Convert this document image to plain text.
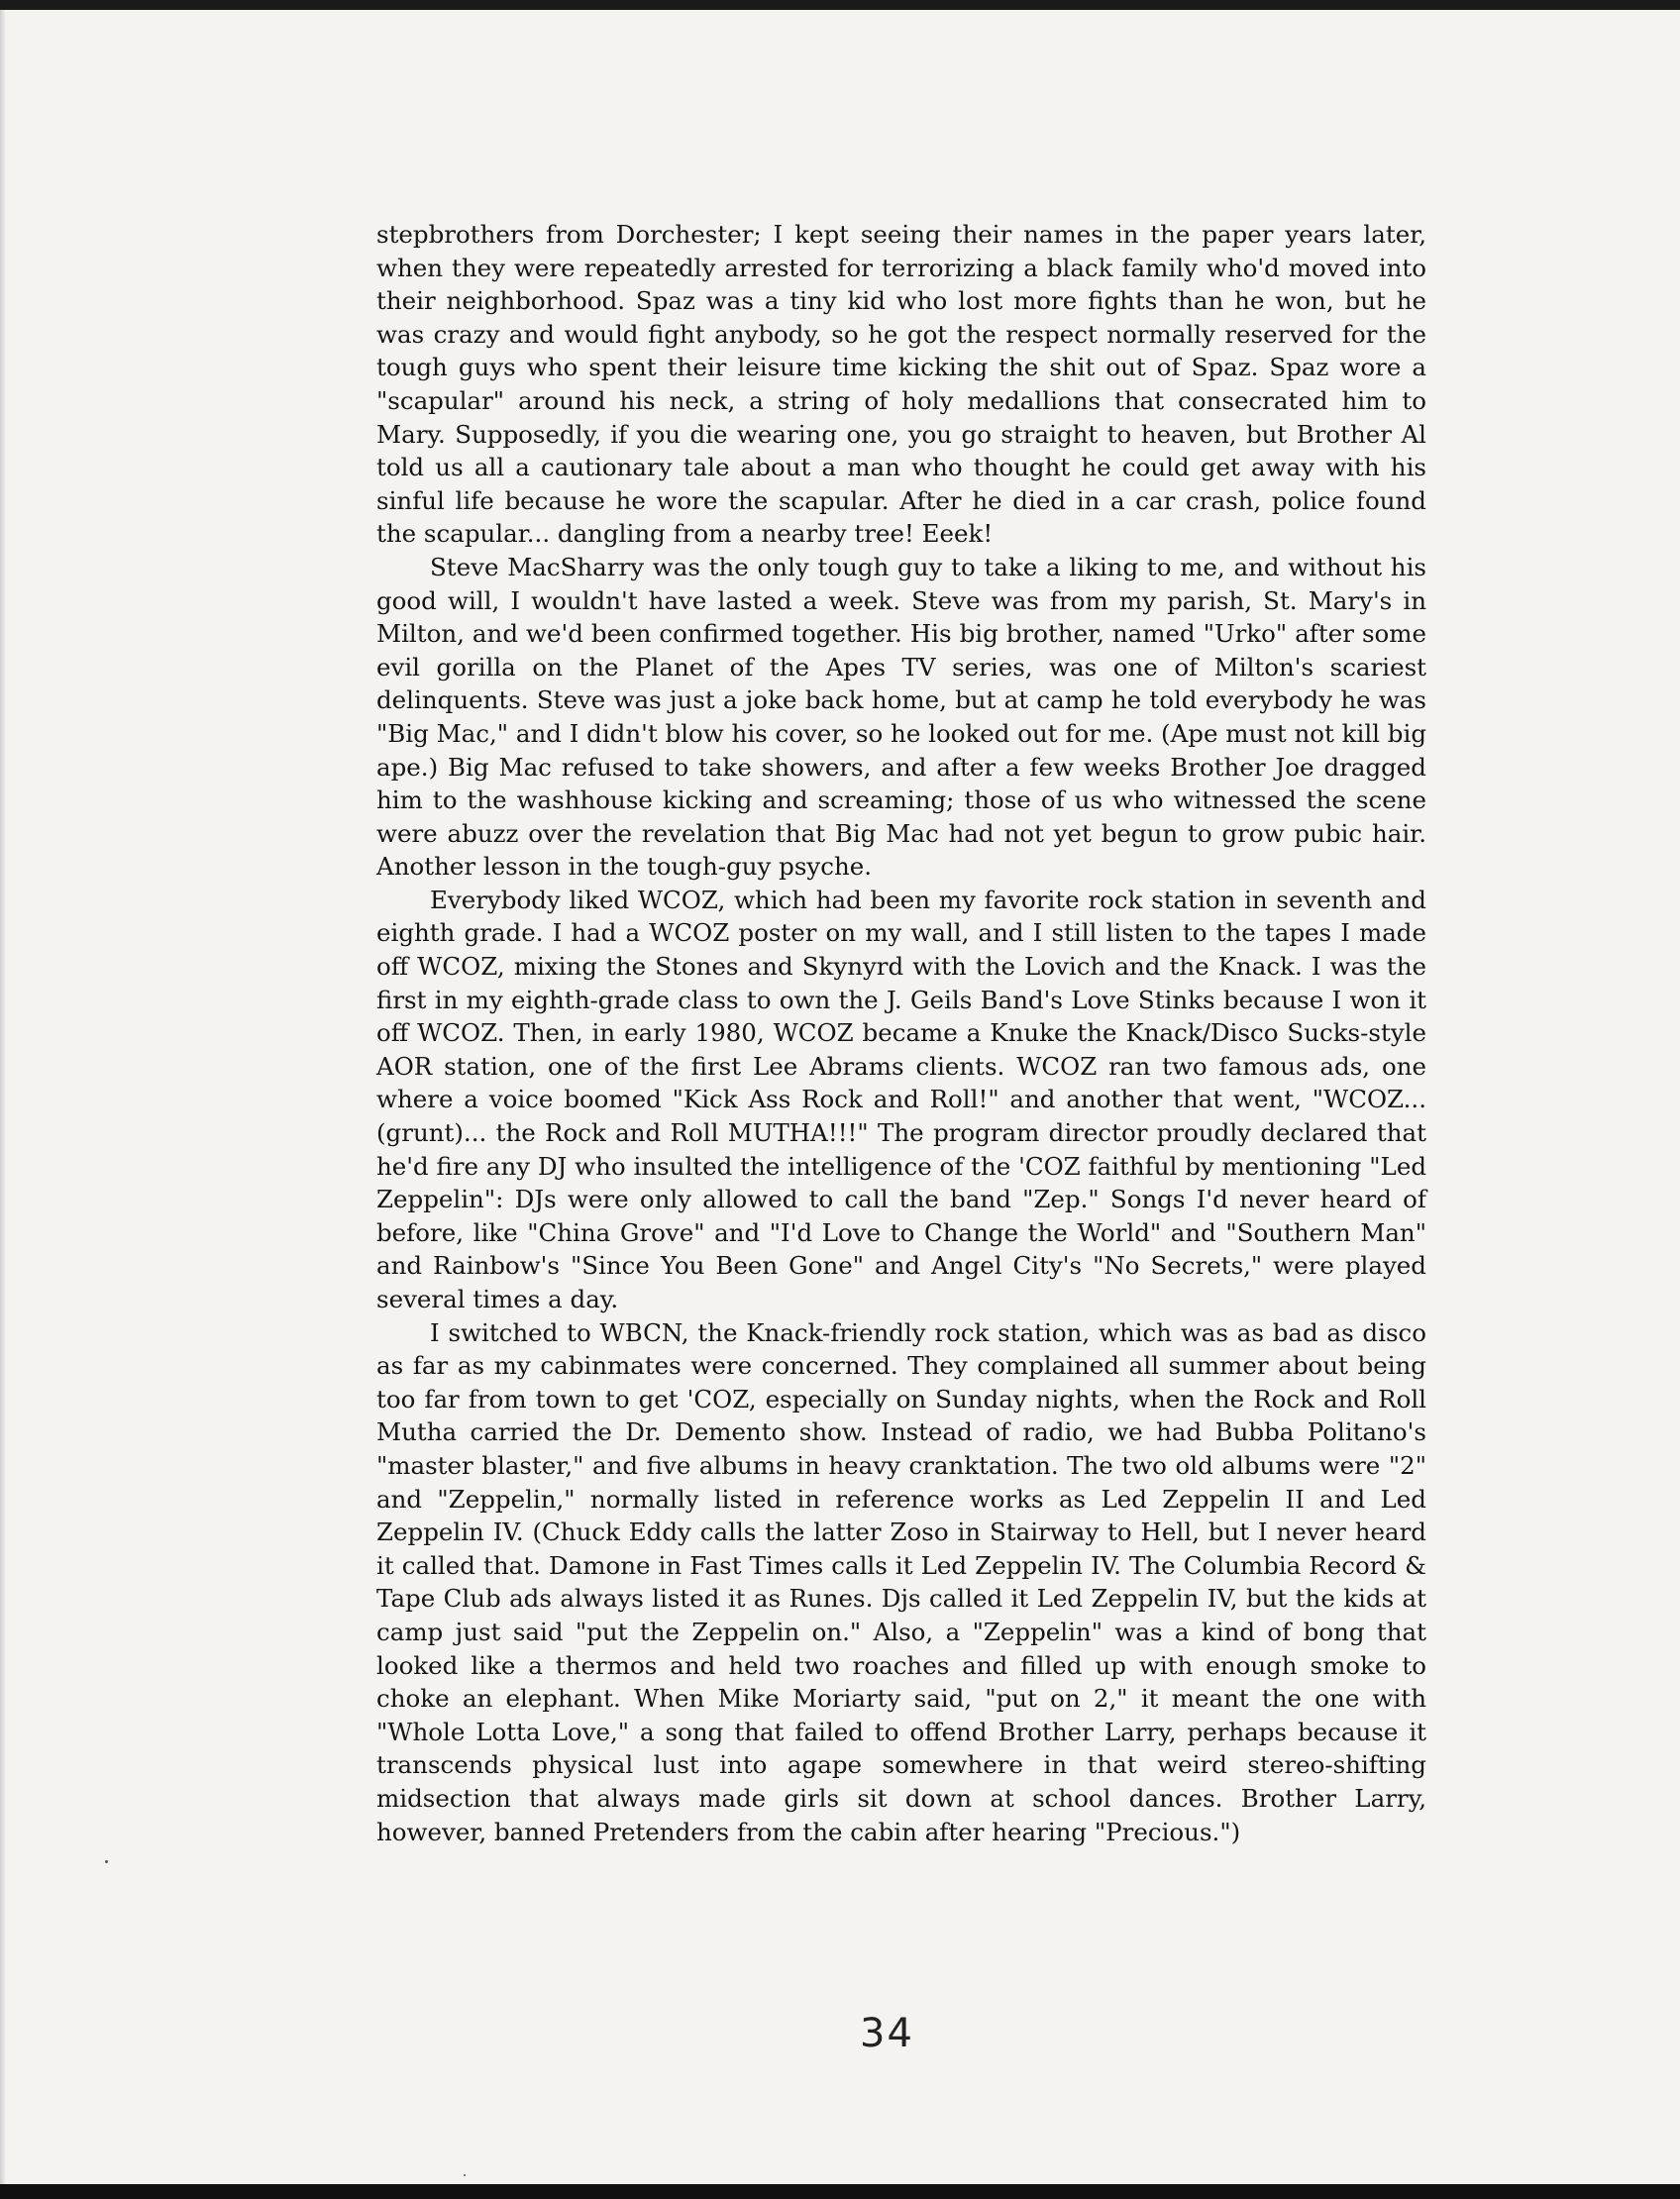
stepbrothers from Dorchester; I kept seeing their names in the paper years later, when they were repeatedly arrested for terrorizing a black family who'd moved into their neighborhood. Spaz was a tiny kid who lost more fights than he won, but he was crazy and would fight anybody, so he got the respect normally reserved for the tough guys who spent their leisure time kicking the shit out of Spaz. Spaz wore a "scapular" around his neck, a string of holy medallions that consecrated him to Mary. Supposedly, if you die wearing one, you go straight to heaven, but Brother Al told us all a cautionary tale about a man who thought he could get away with his sinful life because he wore the scapular. After he died in a car crash, police found the scapular... dangling from a nearby tree! Eeek!

Steve MacSharry was the only tough guy to take a liking to me, and without his good will, I wouldn't have lasted a week. Steve was from my parish, St. Mary's in Milton, and we'd been confirmed together. His big brother, named "Urko" after some evil gorilla on the Planet of the Apes TV series, was one of Milton's scariest delinquents. Steve was just a joke back home, but at camp he told everybody he was "Big Mac," and I didn't blow his cover, so he looked out for me. (Ape must not kill big ape.) Big Mac refused to take showers, and after a few weeks Brother Joe dragged him to the washhouse kicking and screaming; those of us who witnessed the scene were abuzz over the revelation that Big Mac had not yet begun to grow pubic hair. Another lesson in the tough-guy psyche.

Everybody liked WCOZ, which had been my favorite rock station in seventh and eighth grade. I had a WCOZ poster on my wall, and I still listen to the tapes I made off WCOZ, mixing the Stones and Skynyrd with the Lovich and the Knack. I was the first in my eighth-grade class to own the J. Geils Band's Love Stinks because I won it off WCOZ. Then, in early 1980, WCOZ became a Knuke the Knack/Disco Sucks-style AOR station, one of the first Lee Abrams clients. WCOZ ran two famous ads, one where a voice boomed "Kick Ass Rock and Roll!" and another that went, "WCOZ... (grunt)... the Rock and Roll MUTHA!!!" The program director proudly declared that he'd fire any DJ who insulted the intelligence of the 'COZ faithful by mentioning "Led Zeppelin": DJs were only allowed to call the band "Zep." Songs I'd never heard of before, like "China Grove" and "I'd Love to Change the World" and "Southern Man" and Rainbow's "Since You Been Gone" and Angel City's "No Secrets," were played several times a day.

I switched to WBCN, the Knack-friendly rock station, which was as bad as disco as far as my cabinmates were concerned. They complained all summer about being too far from town to get 'COZ, especially on Sunday nights, when the Rock and Roll Mutha carried the Dr. Demento show. Instead of radio, we had Bubba Politano's "master blaster," and five albums in heavy cranktation. The two old albums were "2" and "Zeppelin," normally listed in reference works as Led Zeppelin II and Led Zeppelin IV. (Chuck Eddy calls the latter Zoso in Stairway to Hell, but I never heard it called that. Damone in Fast Times calls it Led Zeppelin IV. The Columbia Record & Tape Club ads always listed it as Runes. Djs called it Led Zeppelin IV, but the kids at camp just said "put the Zeppelin on." Also, a "Zeppelin" was a kind of bong that looked like a thermos and held two roaches and filled up with enough smoke to choke an elephant. When Mike Moriarty said, "put on 2," it meant the one with "Whole Lotta Love," a song that failed to offend Brother Larry, perhaps because it transcends physical lust into agape somewhere in that weird stereo-shifting midsection that always made girls sit down at school dances. Brother Larry, however, banned Pretenders from the cabin after hearing "Precious.")

34
